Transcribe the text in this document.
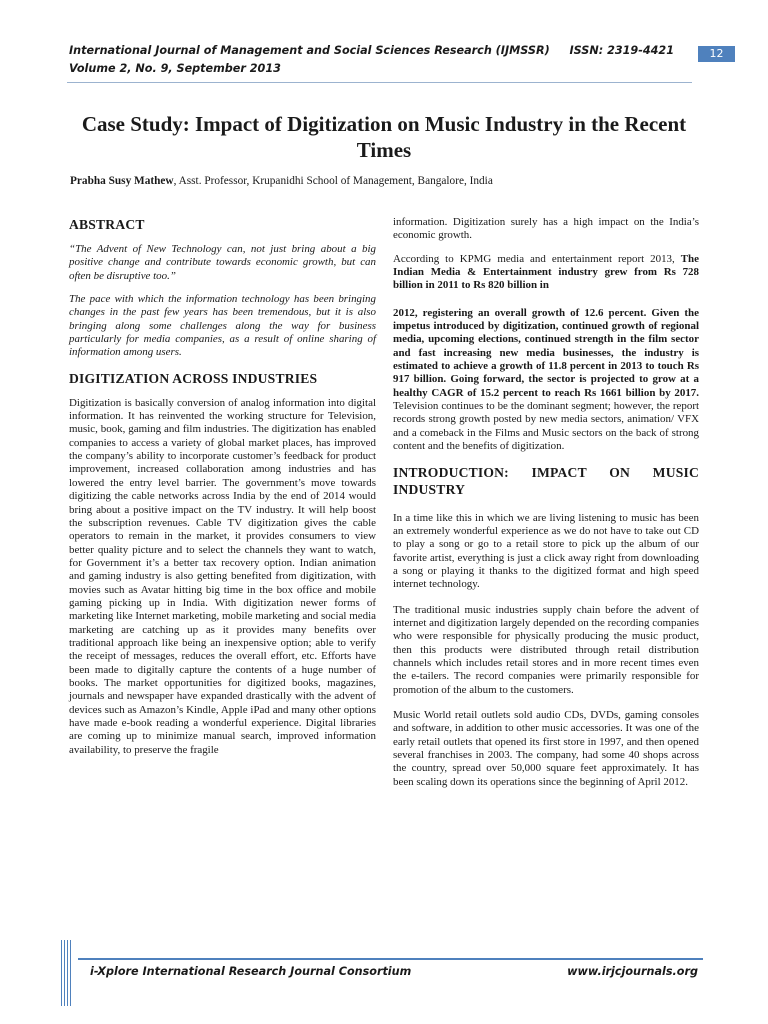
International Journal of Management and Social Sciences Research (IJMSSR)	ISSN: 2319-4421
Volume 2, No. 9, September 2013
12
Case Study: Impact of Digitization on Music Industry in the Recent Times
Prabha Susy Mathew, Asst. Professor, Krupanidhi School of Management, Bangalore, India
ABSTRACT

“The Advent of New Technology can, not just bring about a big positive change and contribute towards economic growth, but can often be disruptive too.”

The pace with which the information technology has been bringing changes in the past few years has been tremendous, but it is also bringing along some challenges along the way for business particularly for media companies, as a result of online sharing of information among users.

DIGITIZATION ACROSS INDUSTRIES

Digitization is basically conversion of analog information into digital information. It has reinvented the working structure for Television, music, book, gaming and film industries. The digitization has enabled companies to access a variety of global market places, has improved the company’s ability to incorporate customer’s feedback for product improvement, increased collaboration among industries and has lowered the entry level barrier. The government’s move towards digitizing the cable networks across India by the end of 2014 would bring about a positive impact on the TV industry. It will help boost the subscription revenues. Cable TV digitization gives the cable operators to remain in the market, it provides consumers to view better quality picture and to select the channels they want to watch, for Government it’s a better tax recovery option. Indian animation and gaming industry is also getting benefited from digitization, with movies such as Avatar hitting big time in the box office and mobile gaming picking up in India. With digitization newer forms of marketing like Internet marketing, mobile marketing and social media marketing are catching up as it provides many benefits over traditional approach like being an inexpensive option; able to verify the receipt of messages, reduces the overall effort, etc. Efforts have been made to digitally capture the contents of a huge number of books. The market opportunities for digitized books, magazines, journals and newspaper have expanded drastically with the advent of devices such as Amazon’s Kindle, Apple iPad and many other options have made e-book reading a wonderful experience. Digital libraries are coming up to minimize manual search, improved information availability, to preserve the fragile

information. Digitization surely has a high impact on the India’s economic growth.

According to KPMG media and entertainment report 2013, The Indian Media & Entertainment industry grew from Rs 728 billion in 2011 to Rs 820 billion in

2012, registering an overall growth of 12.6 percent. Given the impetus introduced by digitization, continued growth of regional media, upcoming elections, continued strength in the film sector and fast increasing new media businesses, the industry is estimated to achieve a growth of 11.8 percent in 2013 to touch Rs 917 billion. Going forward, the sector is projected to grow at a healthy CAGR of 15.2 percent to reach Rs 1661 billion by 2017. Television continues to be the dominant segment; however, the report records strong growth posted by new media sectors, animation/ VFX and a comeback in the Films and Music sectors on the back of strong content and the benefits of digitization.

INTRODUCTION: IMPACT ON MUSIC INDUSTRY

In a time like this in which we are living listening to music has been an extremely wonderful experience as we do not have to take out CD to play a song or go to a retail store to pick up the album of our favorite artist, everything is just a click away right from downloading a song or playing it thanks to the digitized format and high speed internet technology.

The traditional music industries supply chain before the advent of internet and digitization largely depended on the recording companies who were responsible for physically producing the music product, then this products were distributed through retail distribution channels which includes retail stores and in more recent times even the e-tailers. The record companies were primarily responsible for promotion of the album to the customers.

Music World retail outlets sold audio CDs, DVDs, gaming consoles and software, in addition to other music accessories. It was one of the early retail outlets that opened its first store in 1997, and then opened several franchises in 2003. The company, had some 40 shops across the country, spread over 50,000 square feet approximately. It has been scaling down its operations since the beginning of April 2012.

i-Xplore International Research Journal Consortium	www.irjcjournals.org
